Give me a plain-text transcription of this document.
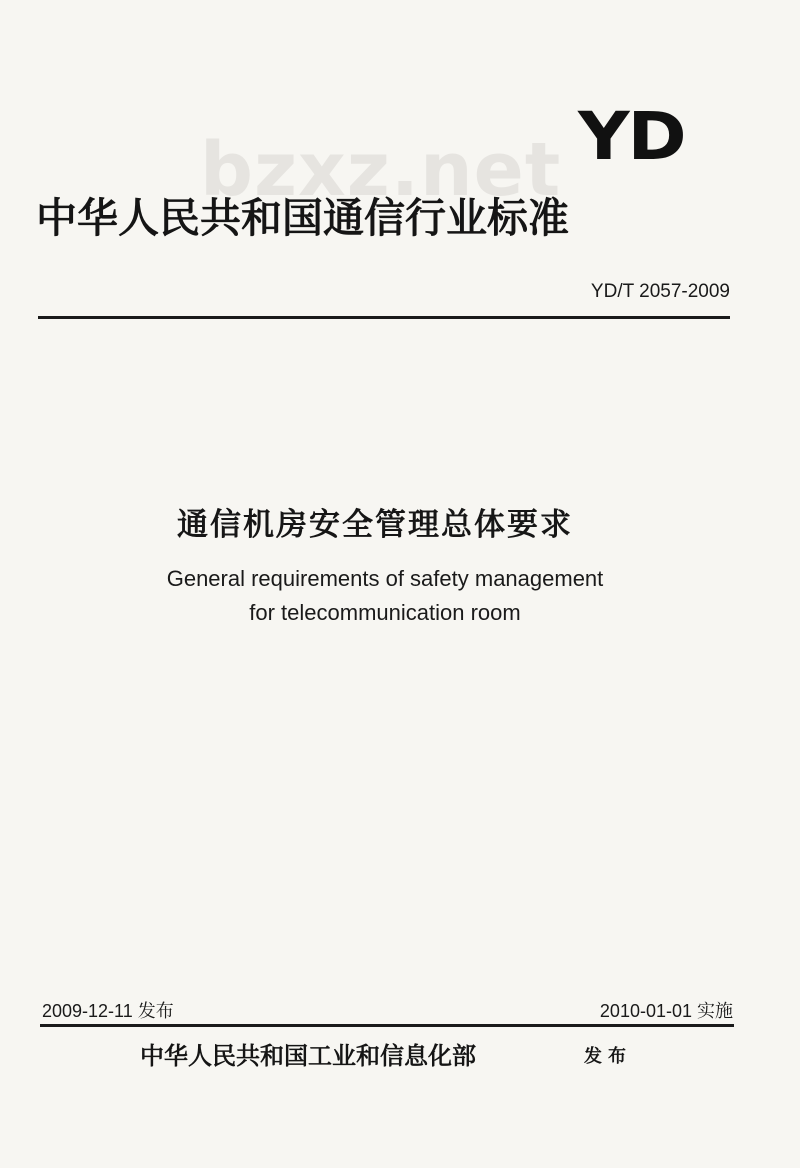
bzxz.net YD
中华人民共和国通信行业标准
YD/T 2057-2009
通信机房安全管理总体要求
General requirements of safety management
for telecommunication room
2009-12-11 发布	2010-01-01 实施
中华人民共和国工业和信息化部	发布
